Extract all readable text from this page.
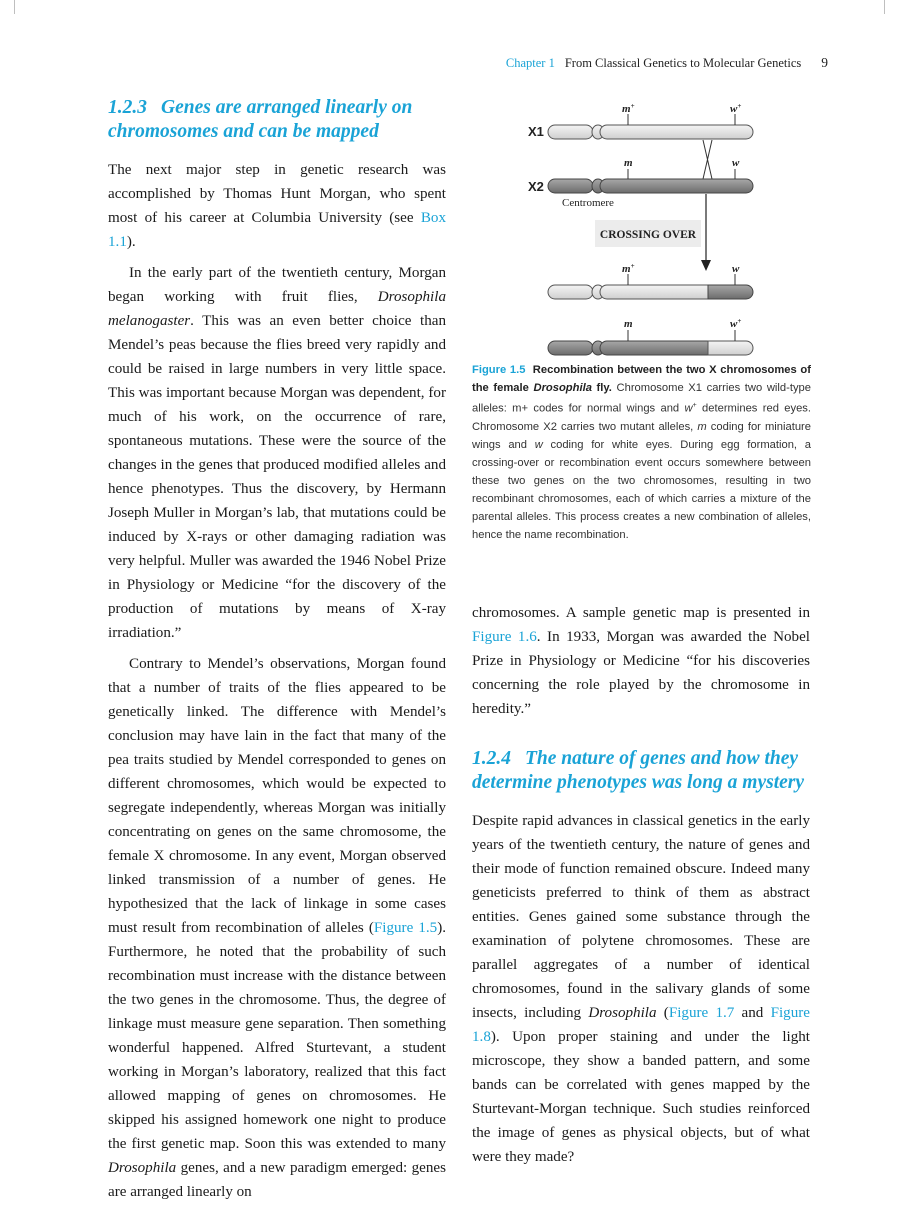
Chapter 1 From Classical Genetics to Molecular Genetics 9
1.2.3 Genes are arranged linearly on chromosomes and can be mapped

The next major step in genetic research was accomplished by Thomas Hunt Morgan, who spent most of his career at Columbia University (see Box 1.1).

In the early part of the twentieth century, Morgan began working with fruit flies, Drosophila melanogaster. This was an even better choice than Mendel’s peas because the flies breed very rapidly and could be raised in large numbers in very little space. This was important because Morgan was dependent, for much of his work, on the occurrence of rare, spontaneous mutations. These were the source of the changes in the genes that produced modified alleles and hence phenotypes. Thus the discovery, by Hermann Joseph Muller in Morgan’s lab, that mutations could be induced by X-rays or other damaging radiation was very helpful. Muller was awarded the 1946 Nobel Prize in Physiology or Medicine “for the discovery of the production of mutations by means of X-ray irradiation.”

Contrary to Mendel’s observations, Morgan found that a number of traits of the flies appeared to be genetically linked. The difference with Mendel’s conclusion may have lain in the fact that many of the pea traits studied by Mendel corresponded to genes on different chromosomes, which would be expected to segregate independently, whereas Morgan was initially concentrating on genes on the same chromosome, the female X chromosome. In any event, Morgan observed linked transmission of a number of genes. He hypothesized that the lack of linkage in some cases must result from recombination of alleles (Figure 1.5). Furthermore, he noted that the probability of such recombination must increase with the distance between the two genes in the chromosome. Thus, the degree of linkage must measure gene separation. Then something wonderful happened. Alfred Sturtevant, a student working in Morgan’s laboratory, realized that this fact allowed mapping of genes on chromosomes. He skipped his assigned homework one night to produce the first genetic map. Soon this was extended to many Drosophila genes, and a new paradigm emerged: genes are arranged linearly on

X1
m+	w+
X2
m	w
Centromere
CROSSING OVER
m+	w
m	w+
Figure 1.5 Recombination between the two X chromosomes of the female Drosophila fly. Chromosome X1 carries two wild-type alleles: m+ codes for normal wings and w+ determines red eyes. Chromosome X2 carries two mutant alleles, m coding for miniature wings and w coding for white eyes. During egg formation, a crossing-over or recombination event occurs somewhere between these two genes on the two chromosomes, resulting in two recombinant chromosomes, each of which carries a mixture of the parental alleles. This process creates a new combination of alleles, hence the name recombination.

chromosomes. A sample genetic map is presented in Figure 1.6. In 1933, Morgan was awarded the Nobel Prize in Physiology or Medicine “for his discoveries concerning the role played by the chromosome in heredity.”

1.2.4 The nature of genes and how they determine phenotypes was long a mystery

Despite rapid advances in classical genetics in the early years of the twentieth century, the nature of genes and their mode of function remained obscure. Indeed many geneticists preferred to think of them as abstract entities. Genes gained some substance through the examination of polytene chromosomes. These are parallel aggregates of a number of identical chromosomes, found in the salivary glands of some insects, including Drosophila (Figure 1.7 and Figure 1.8). Upon proper staining and under the light microscope, they show a banded pattern, and some bands can be correlated with genes mapped by the Sturtevant-Morgan technique. Such studies reinforced the image of genes as physical objects, but of what were they made?
